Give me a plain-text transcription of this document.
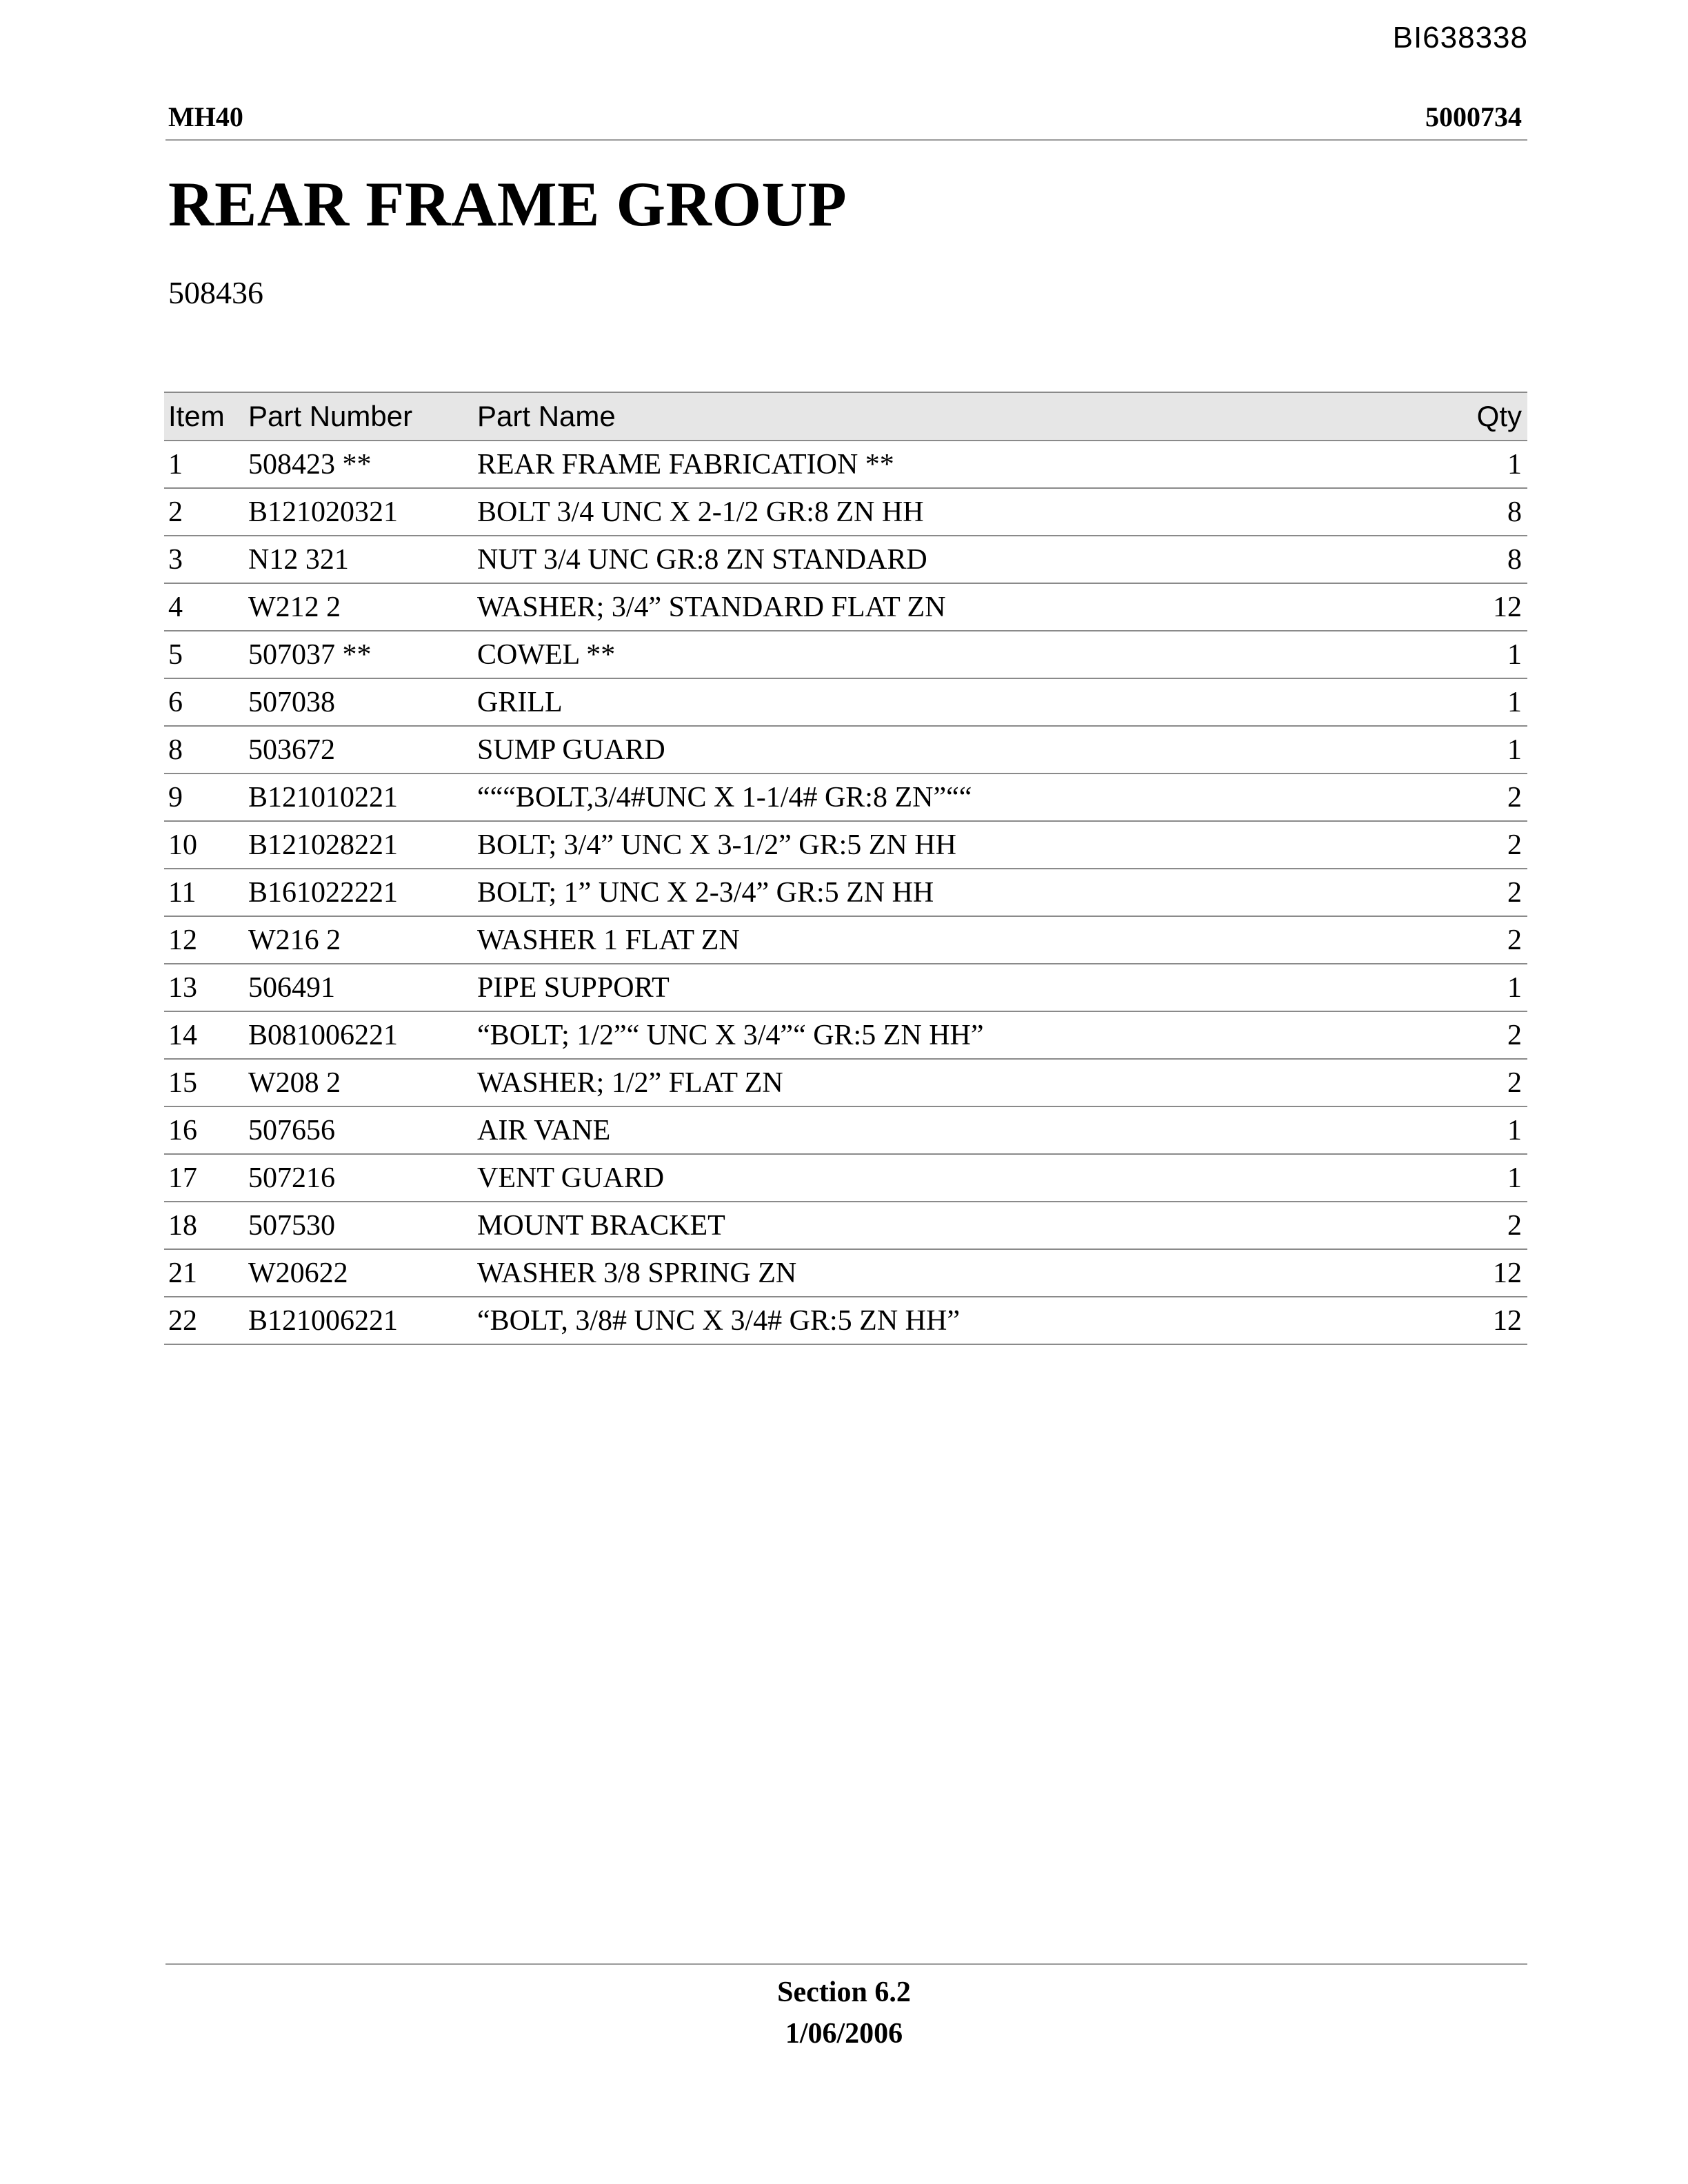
BI638338
MH40	5000734
REAR FRAME GROUP
508436
Item	Part Number	Part Name	Qty
1	508423 **	REAR FRAME FABRICATION **	1
2	B121020321	BOLT 3/4 UNC X 2-1/2 GR:8 ZN HH	8
3	N12 321	NUT 3/4 UNC GR:8 ZN STANDARD	8
4	W212 2	WASHER; 3/4” STANDARD FLAT ZN	12
5	507037 **	COWEL **	1
6	507038	GRILL	1
8	503672	SUMP GUARD	1
9	B121010221	“““BOLT,3/4#UNC X 1-1/4# GR:8 ZN”““	2
10	B121028221	BOLT; 3/4” UNC X 3-1/2” GR:5 ZN HH	2
11	B161022221	BOLT; 1” UNC X 2-3/4” GR:5 ZN HH	2
12	W216 2	WASHER 1 FLAT ZN	2
13	506491	PIPE SUPPORT	1
14	B081006221	“BOLT; 1/2”“ UNC X 3/4”“ GR:5 ZN HH”	2
15	W208 2	WASHER; 1/2” FLAT ZN	2
16	507656	AIR VANE	1
17	507216	VENT GUARD	1
18	507530	MOUNT BRACKET	2
21	W20622	WASHER 3/8 SPRING ZN	12
22	B121006221	“BOLT, 3/8# UNC X 3/4# GR:5 ZN HH”	12
Section 6.2
1/06/2006
